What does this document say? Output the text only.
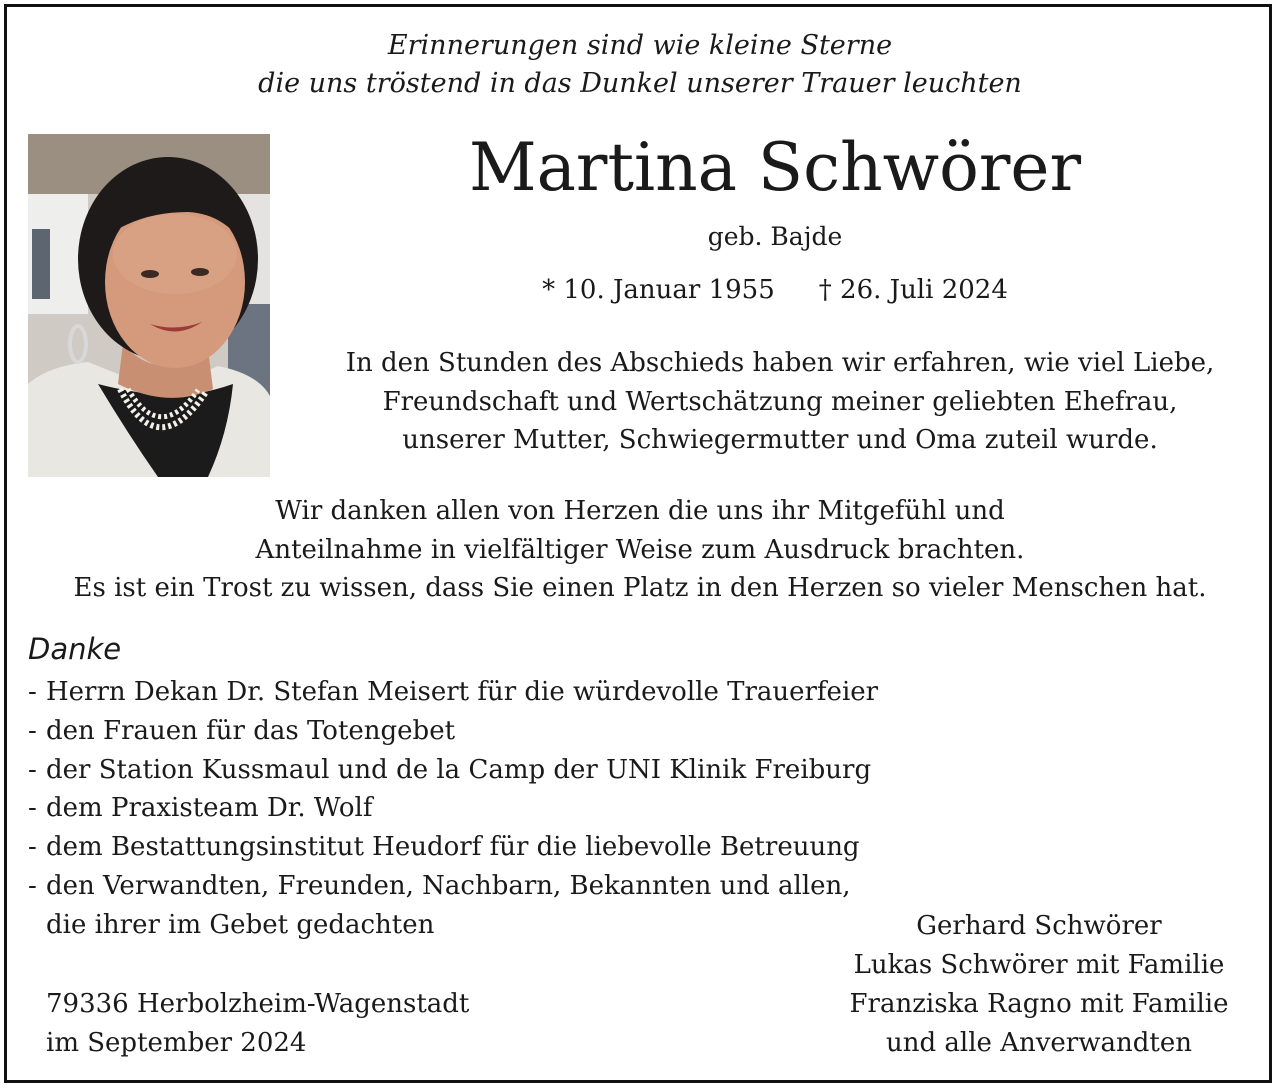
Erinnerungen sind wie kleine Sterne
die uns tröstend in das Dunkel unserer Trauer leuchten
Martina Schwörer
geb. Bajde
* 10. Januar 1955 † 26. Juli 2024
In den Stunden des Abschieds haben wir erfahren, wie viel Liebe,
Freundschaft und Wertschätzung meiner geliebten Ehefrau,
unserer Mutter, Schwiegermutter und Oma zuteil wurde.
Wir danken allen von Herzen die uns ihr Mitgefühl und
Anteilnahme in vielfältiger Weise zum Ausdruck brachten.
Es ist ein Trost zu wissen, dass Sie einen Platz in den Herzen so vieler Menschen hat.
Danke
- Herrn Dekan Dr. Stefan Meisert für die würdevolle Trauerfeier
- den Frauen für das Totengebet
- der Station Kussmaul und de la Camp der UNI Klinik Freiburg
- dem Praxisteam Dr. Wolf
- dem Bestattungsinstitut Heudorf für die liebevolle Betreuung
- den Verwandten, Freunden, Nachbarn, Bekannten und allen,
die ihrer im Gebet gedachten
79336 Herbolzheim-Wagenstadt
im September 2024
Gerhard Schwörer
Lukas Schwörer mit Familie
Franziska Ragno mit Familie
und alle Anverwandten
